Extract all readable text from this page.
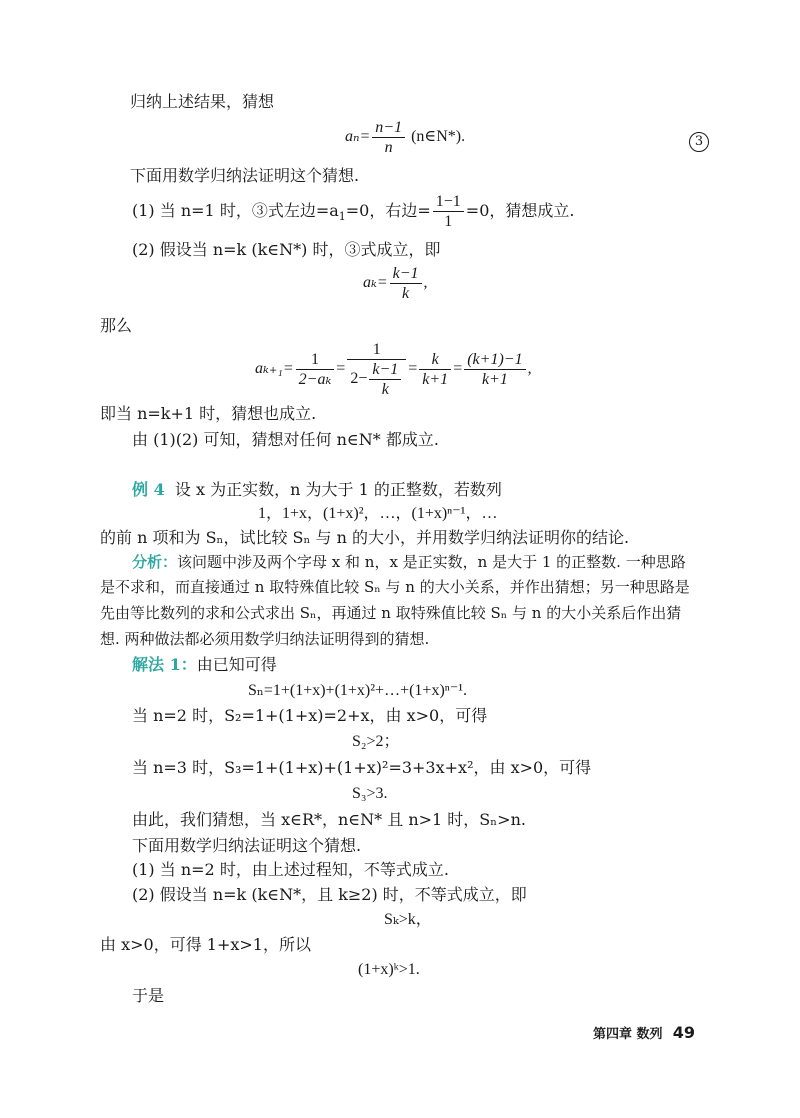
归纳上述结果，猜想
$a_n= \frac{n-1}{n}$ (n∈N*).	3
下面用数学归纳法证明这个猜想.
(1) 当 n=1 时，③式左边$=a_1=0$，右边= $\frac{1-1}{1} =0$，猜想成立.
(2) 假设当 n=k (k∈N*) 时，③式成立，即
$a_k= \frac{k-1}{k}$ ,
那么
$a_{k+1}= \frac{1}{\text{2−aₖ}} = \frac{1}{2- \frac{k-1}{k}} = \frac{k}{k+1} = \frac{(k+1)-1}{k+1}$ ,
即当 n=k+1 时，猜想也成立.
由 (1)(2) 可知，猜想对任何 n∈N* 都成立.
例 4 设 x 为正实数，n 为大于 1 的正整数，若数列
1，1+x，(1+x)²，…，(1+x)ⁿ⁻¹，…
的前 n 项和为 Sₙ，试比较 Sₙ 与 n 的大小，并用数学归纳法证明你的结论.
分析：该问题中涉及两个字母 x 和 n，x 是正实数，n 是大于 1 的正整数. 一种思路
是不求和，而直接通过 n 取特殊值比较 Sₙ 与 n 的大小关系，并作出猜想；另一种思路是
先由等比数列的求和公式求出 Sₙ，再通过 n 取特殊值比较 Sₙ 与 n 的大小关系后作出猜
想. 两种做法都必须用数学归纳法证明得到的猜想.
解法 1：由已知可得
Sₙ=1+(1+x)+(1+x)²+…+(1+x)ⁿ⁻¹.
当 n=2 时，S₂=1+(1+x)=2+x，由 x>0，可得
S₂>2；
当 n=3 时，S₃=1+(1+x)+(1+x)²=3+3x+x²，由 x>0，可得
S₃>3.
由此，我们猜想，当 x∈R*，n∈N* 且 n>1 时，Sₙ>n.
下面用数学归纳法证明这个猜想.
(1) 当 n=2 时，由上述过程知，不等式成立.
(2) 假设当 n=k (k∈N*，且 k≥2) 时，不等式成立，即
Sₖ>k，
由 x>0，可得 1+x>1，所以
(1+x)ᵏ>1.
于是
第四章 数列 49
